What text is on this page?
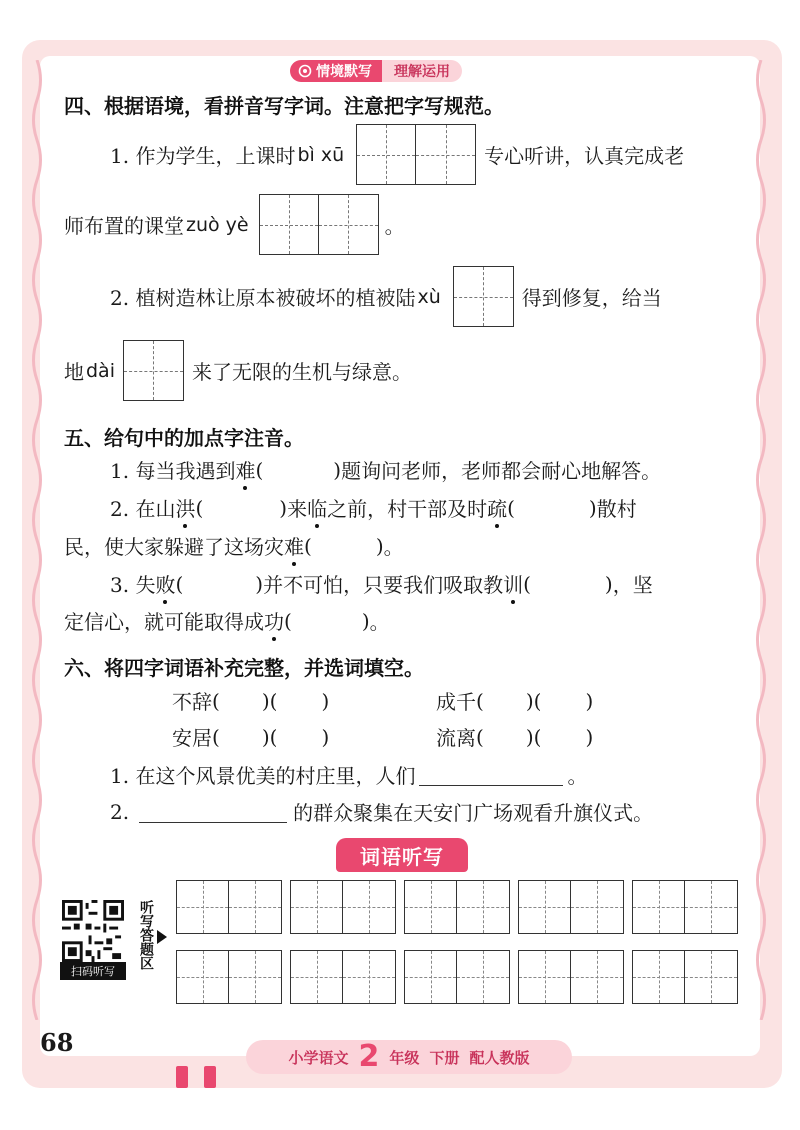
情境默写	理解运用
四、根据语境，看拼音写字词。注意把字写规范。
1. 作为学生，上课时 bì xū	专心听讲，认真完成老
师布置的课堂 zuò yè	。
2. 植树造林让原本被破坏的植被陆 xù	得到修复，给当
地 dài	来了无限的生机与绿意。
五、给句中的加点字注音。
1. 每当我遇到 难 (	) 题询问老师，老师都会耐心地解答。
2. 在山 洪 (	) 来 临 之前，村干部及时 疏 (	) 散村
民，使大家躲避了这场灾 难 (	) 。
3. 失 败 (	) 并不可怕，只要我们吸取教 训 (	) ，坚
定信心，就可能取得成 功 (	) 。
六、将四字词语补充完整，并选词填空。
不辞 ( ) ( )	成千 ( ) ( )
安居 ( ) ( )	流离 ( ) ( )
1. 在这个风景优美的村庄里，人们	。
2.	的群众聚集在天安门广场观看升旗仪式。
词语听写
扫码听写
听写答题区
68
小学语文 2 年级 下册 配人教版
